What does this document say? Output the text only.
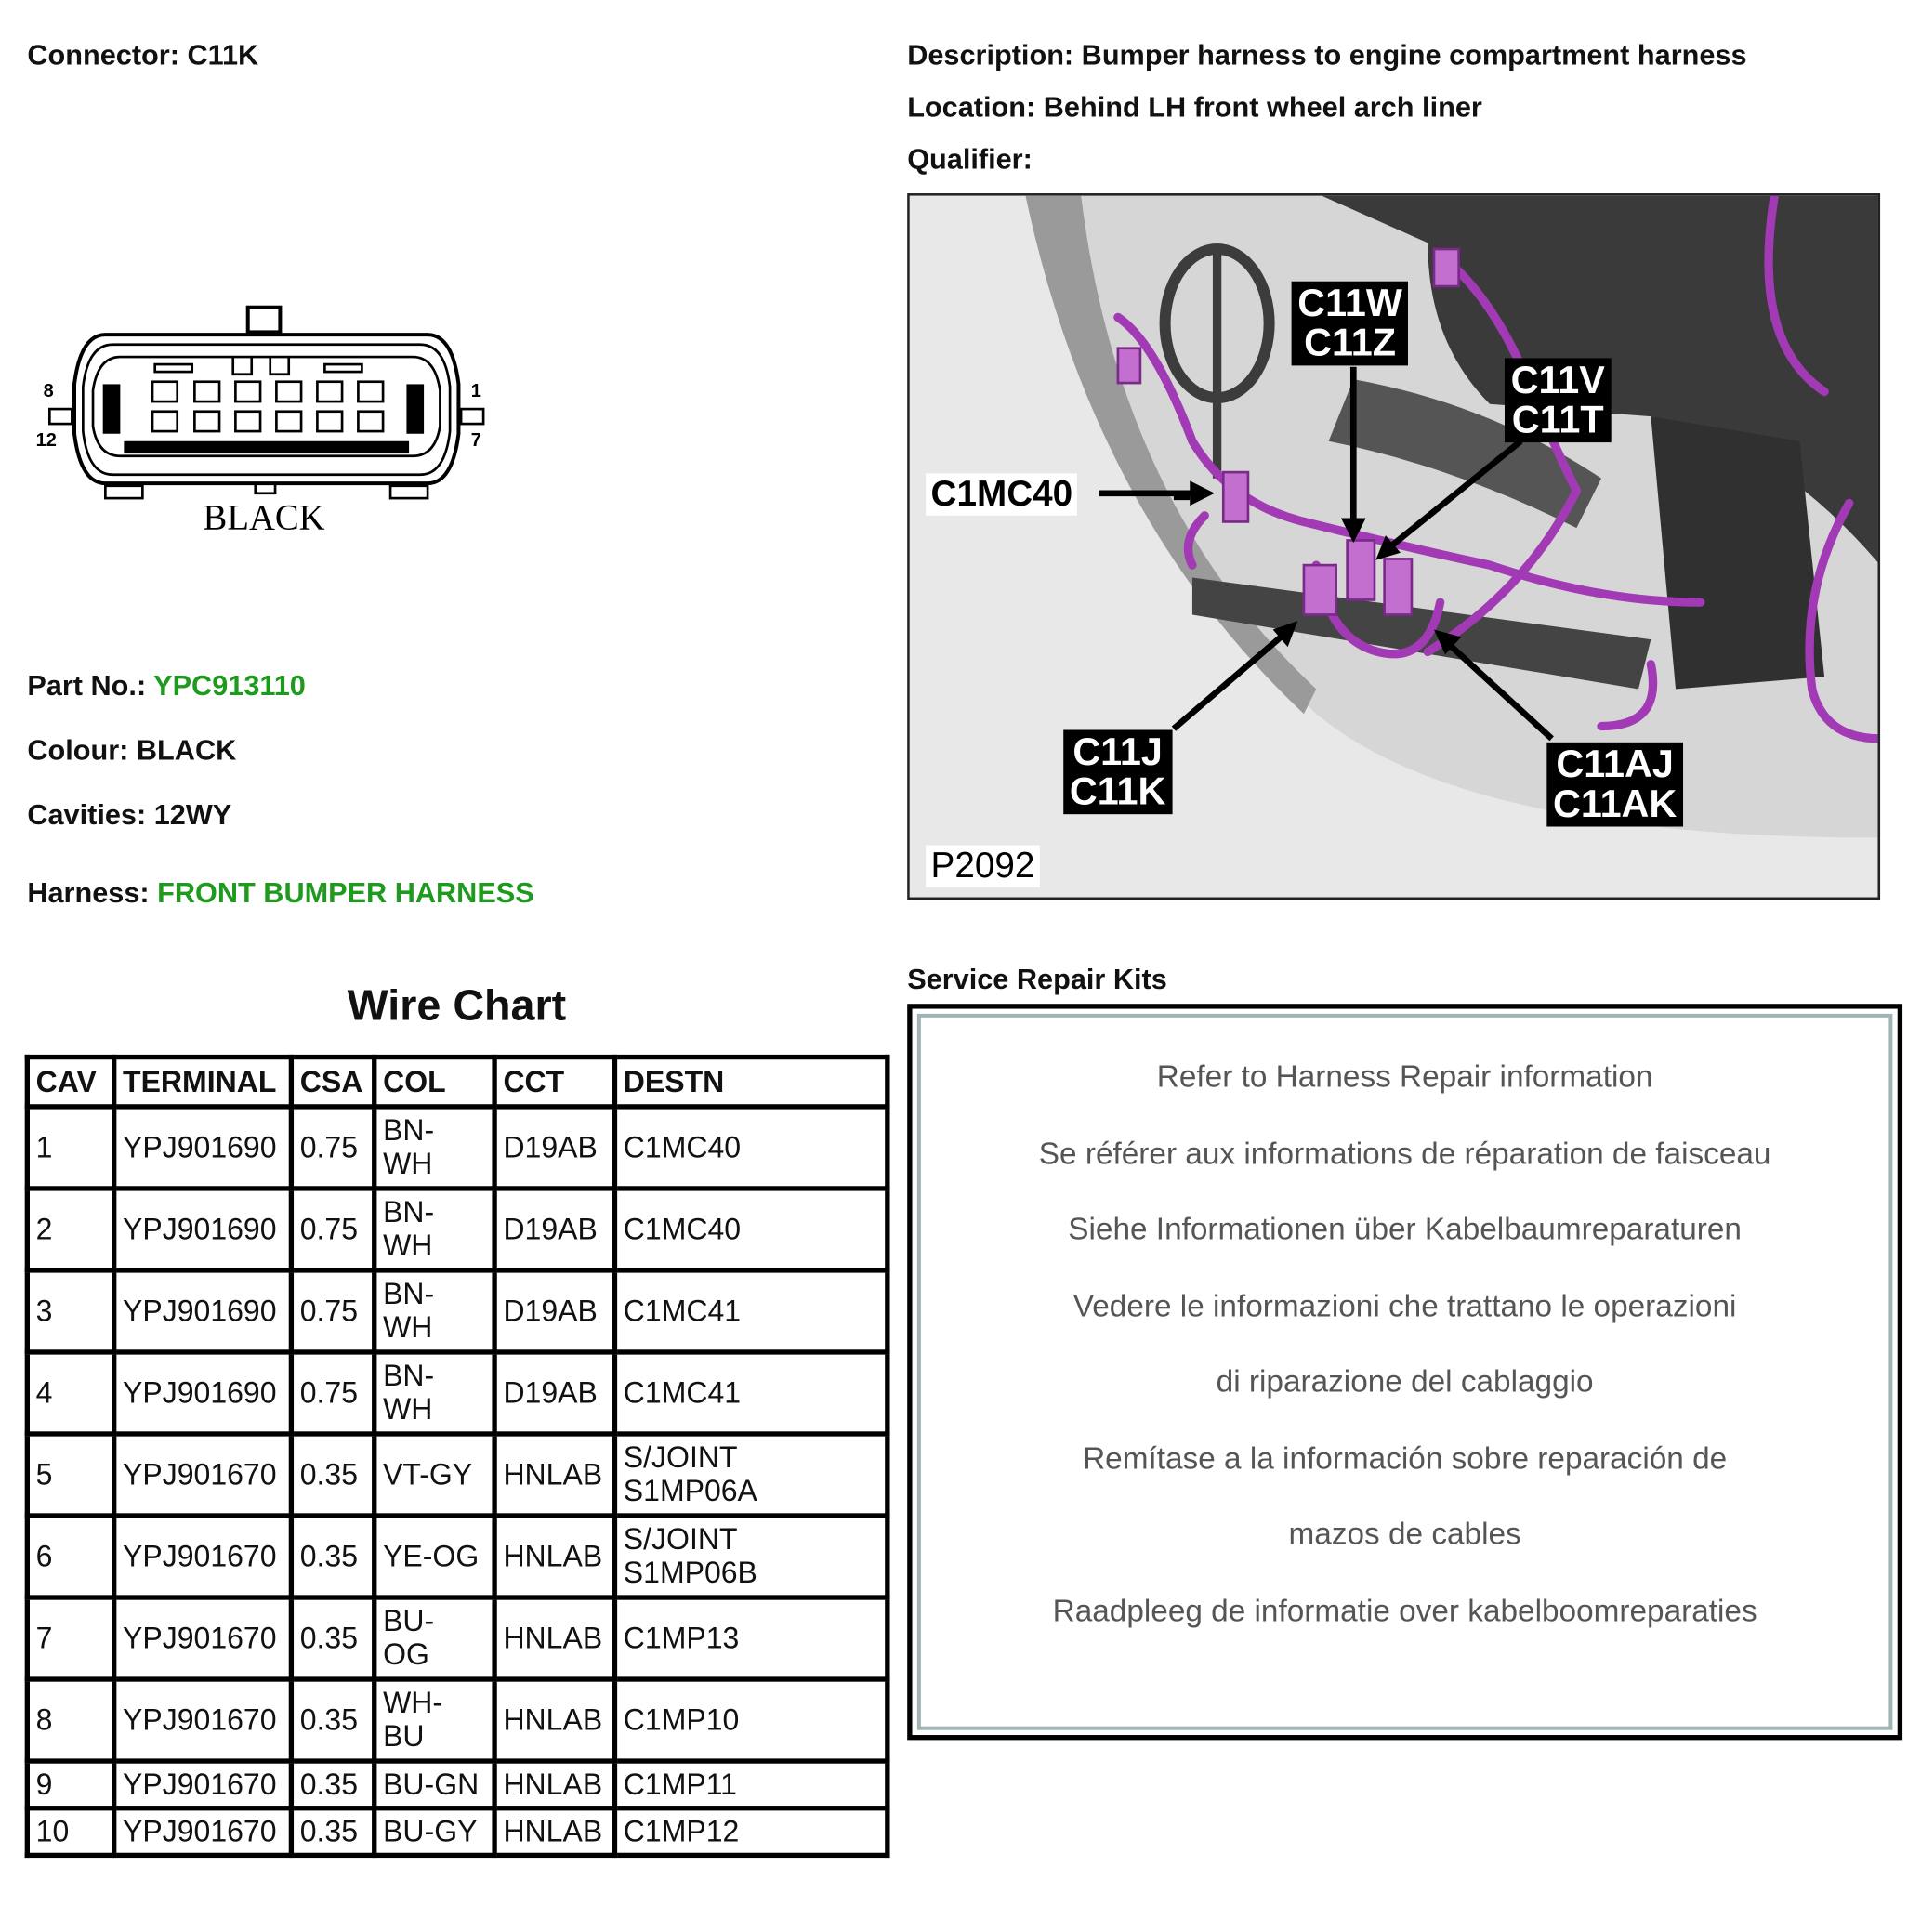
Connector: C11K	Description: Bumper harness to engine compartment harness
Location: Behind LH front wheel arch liner
Qualifier:
8
12
1
7
BLACK
Part No.: YPC913110
Colour: BLACK
Cavities: 12WY
Harness: FRONT BUMPER HARNESS
Wire Chart
CAV	TERMINAL	CSA	COL	CCT	DESTN
1	YPJ901690	0.75	BN-
WH	D19AB	C1MC40
2	YPJ901690	0.75	BN-
WH	D19AB	C1MC40
3	YPJ901690	0.75	BN-
WH	D19AB	C1MC41
4	YPJ901690	0.75	BN-
WH	D19AB	C1MC41
5	YPJ901670	0.35	VT-GY	HNLAB	S/JOINT
S1MP06A
6	YPJ901670	0.35	YE-OG	HNLAB	S/JOINT
S1MP06B
7	YPJ901670	0.35	BU-
OG	HNLAB	C1MP13
8	YPJ901670	0.35	WH-
BU	HNLAB	C1MP10
9	YPJ901670	0.35	BU-GN	HNLAB	C1MP11
10	YPJ901670	0.35	BU-GY	HNLAB	C1MP12
C11W
C11Z
C11V
C11T
C1MC40
C11J
C11K
C11AJ
C11AK
P2092
Service Repair Kits
Refer to Harness Repair information
Se référer aux informations de réparation de faisceau
Siehe Informationen über Kabelbaumreparaturen
Vedere le informazioni che trattano le operazioni
di riparazione del cablaggio
Remítase a la información sobre reparación de
mazos de cables
Raadpleeg de informatie over kabelboomreparaties
